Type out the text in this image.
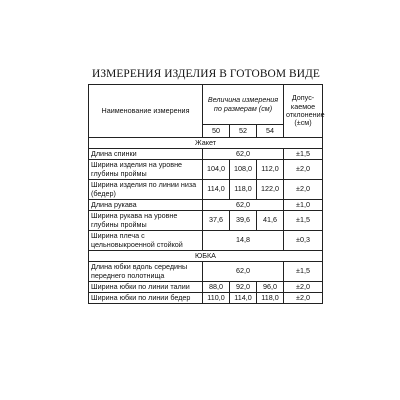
ИЗМЕРЕНИЯ ИЗДЕЛИЯ В ГОТОВОМ ВИДЕ
Наименование измерения	Величина измерения по размерам (см)			Допус-каемое отклонение (±см)
	50	52	54	
Жакет				
Длина спинки	62,0			±1,5
Ширина изделия на уровне глубины проймы	104,0	108,0	112,0	±2,0
Ширина изделия по линии низа (бедер)	114,0	118,0	122,0	±2,0
Длина рукава	62,0			±1,0
Ширина рукава на уровне глубины проймы	37,6	39,6	41,6	±1,5
Ширина плеча с цельновыкроенной стойкой	14,8			±0,3
ЮБКА				
Длина юбки вдоль середины переднего полотнища	62,0			±1,5
Ширина юбки по линии талии	88,0	92,0	96,0	±2,0
Ширина юбки по линии бедер	110,0	114,0	118,0	±2,0
